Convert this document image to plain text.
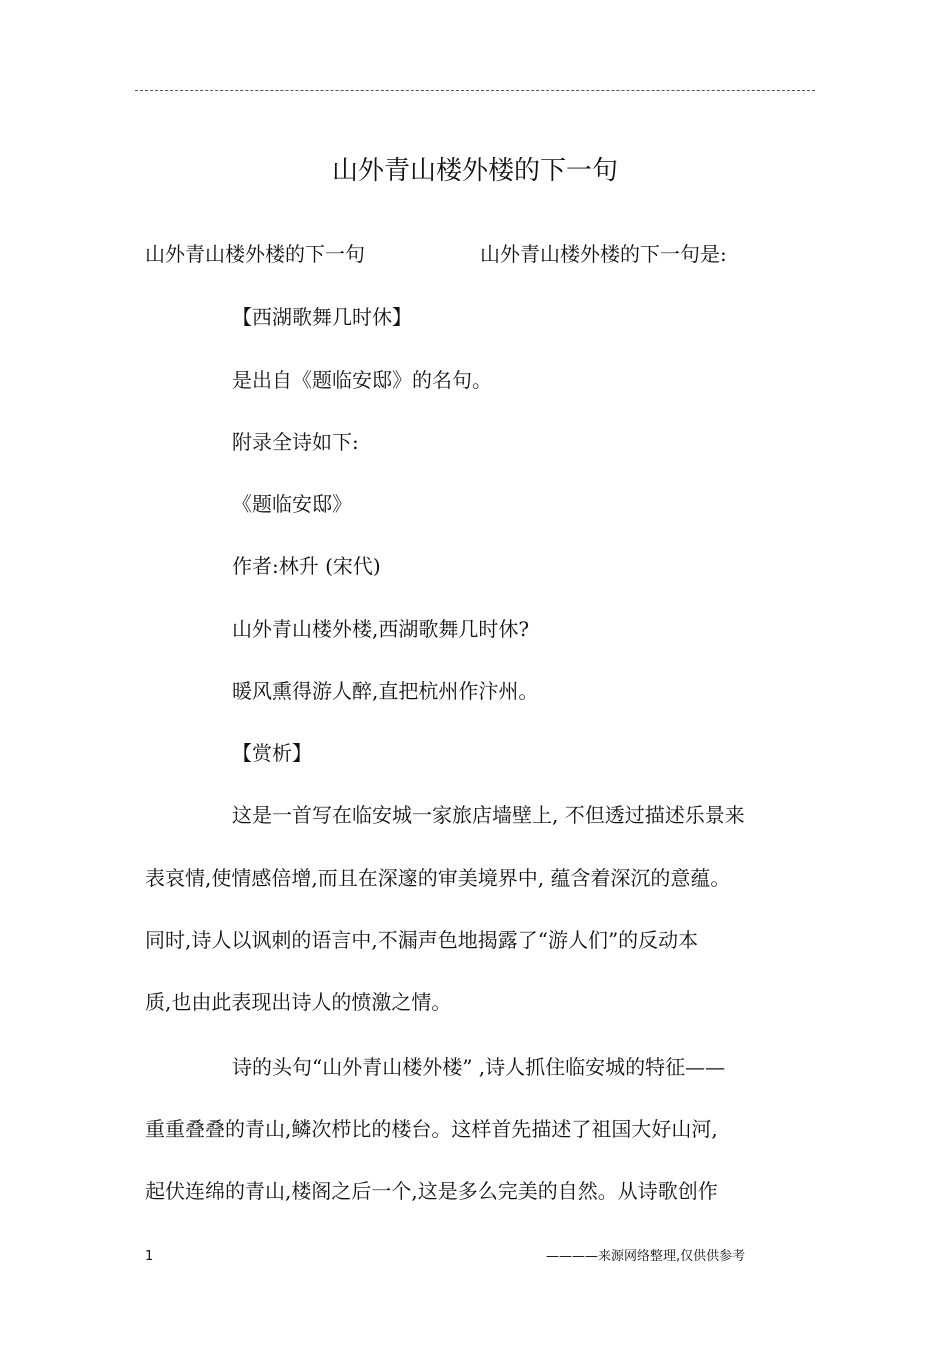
山外青山楼外楼的下一句
山外青山楼外楼的下一句	山外青山楼外楼的下一句是:
【西湖歌舞几时休】
是出自《题临安邸》的名句。
附录全诗如下:
《题临安邸》
作者:林升 (宋代)
山外青山楼外楼,西湖歌舞几时休?
暖风熏得游人醉,直把杭州作汴州。
【赏析】
这是一首写在临安城一家旅店墙壁上, 不但透过描述乐景来
表哀情,使情感倍增,而且在深邃的审美境界中, 蕴含着深沉的意蕴。
同时,诗人以讽刺的语言中,不漏声色地揭露了“游人们”的反动本
质,也由此表现出诗人的愤激之情。
诗的头句“山外青山楼外楼” ,诗人抓住临安城的特征——
重重叠叠的青山,鳞次栉比的楼台。这样首先描述了祖国大好山河,
起伏连绵的青山,楼阁之后一个,这是多么完美的自然。从诗歌创作
1	————来源网络整理,仅供供参考
